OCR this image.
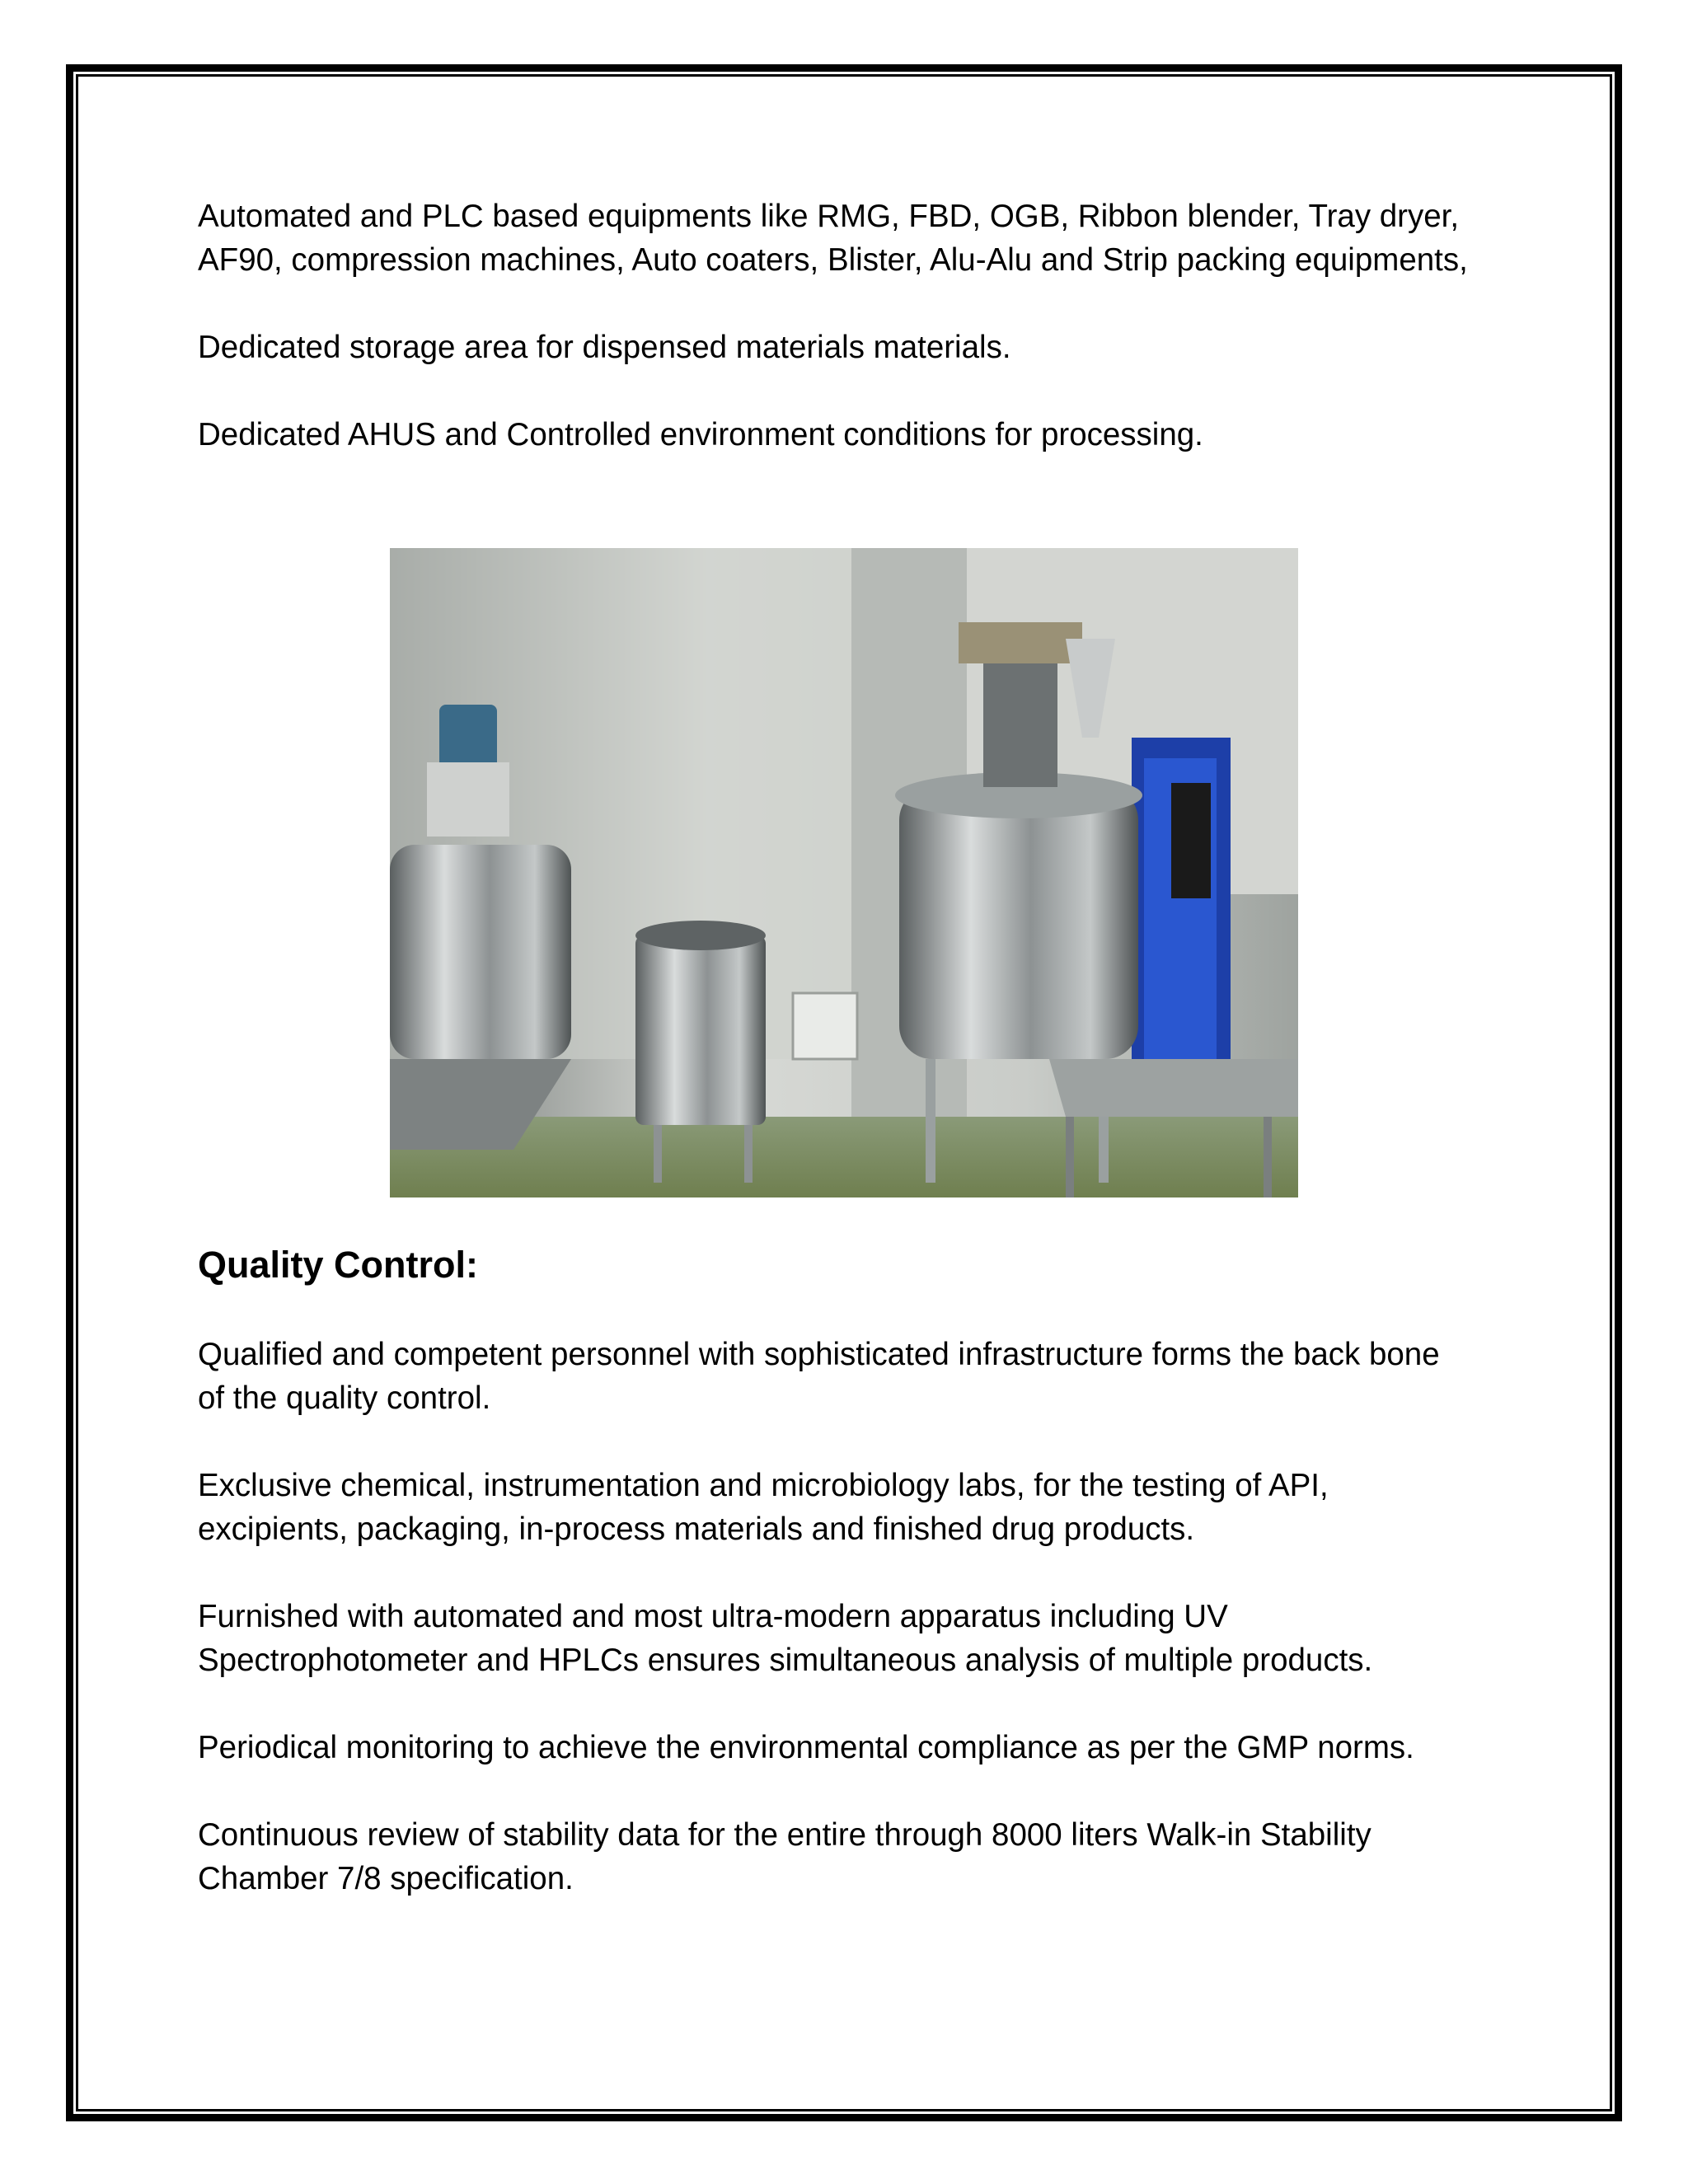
Automated and PLC based equipments like RMG, FBD, OGB, Ribbon blender, Tray dryer, AF90, compression machines, Auto coaters, Blister, Alu-Alu and Strip packing equipments,

Dedicated storage area for dispensed materials materials.

Dedicated AHUS and Controlled environment conditions for processing.

Quality Control:

Qualified and competent personnel with sophisticated infrastructure forms the back bone of the quality control.

Exclusive chemical, instrumentation and microbiology labs, for the testing of API, excipients, packaging, in-process materials and finished drug products.

Furnished with automated and most ultra-modern apparatus including UV Spectrophotometer and HPLCs ensures simultaneous analysis of multiple products.

Periodical monitoring to achieve the environmental compliance as per the GMP norms.

Continuous review of stability data for the entire through 8000 liters Walk-in Stability Chamber 7/8 specification.
